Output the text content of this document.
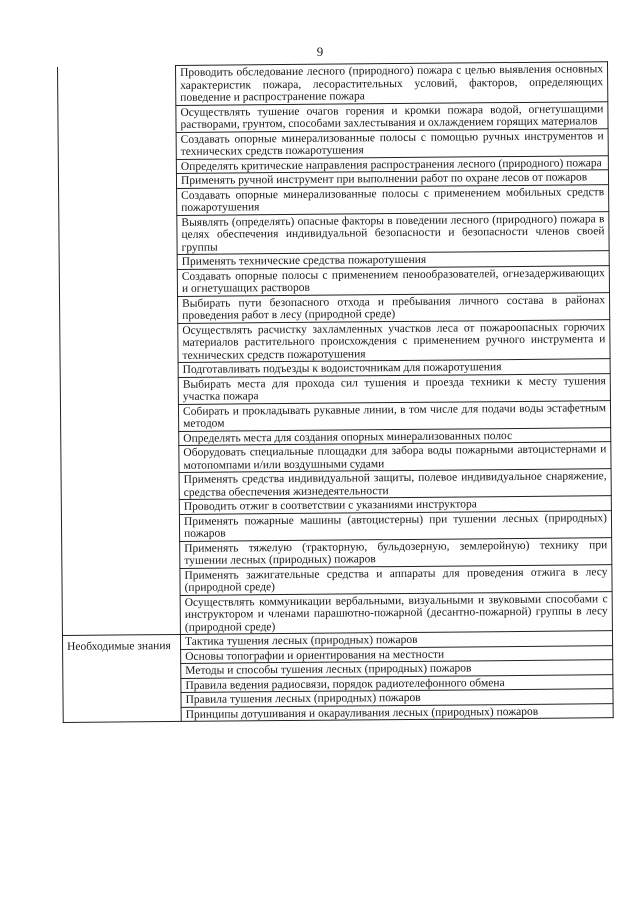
9
	Проводить обследование лесного (природного) пожара с целью выявления основных характеристик пожара, лесорастительных условий, факторов, определяющих поведение и распространение пожара
	Осуществлять тушение очагов горения и кромки пожара водой, огнетушащими растворами, грунтом, способами захлестывания и охлаждением горящих материалов
	Создавать опорные минерализованные полосы с помощью ручных инструментов и технических средств пожаротушения
	Определять критические направления распространения лесного (природного) пожара
	Применять ручной инструмент при выполнении работ по охране лесов от пожаров
	Создавать опорные минерализованные полосы с применением мобильных средств пожаротушения
	Выявлять (определять) опасные факторы в поведении лесного (природного) пожара в целях обеспечения индивидуальной безопасности и безопасности членов своей группы
	Применять технические средства пожаротушения
	Создавать опорные полосы с применением пенообразователей, огнезадерживающих и огнетушащих растворов
	Выбирать пути безопасного отхода и пребывания личного состава в районах проведения работ в лесу (природной среде)
	Осуществлять расчистку захламленных участков леса от пожароопасных горючих материалов растительного происхождения с применением ручного инструмента и технических средств пожаротушения
	Подготавливать подъезды к водоисточникам для пожаротушения
	Выбирать места для прохода сил тушения и проезда техники к месту тушения участка пожара
	Собирать и прокладывать рукавные линии, в том числе для подачи воды эстафетным методом
	Определять места для создания опорных минерализованных полос
	Оборудовать специальные площадки для забора воды пожарными автоцистернами и мотопомпами и/или воздушными судами
	Применять средства индивидуальной защиты, полевое индивидуальное снаряжение, средства обеспечения жизнедеятельности
	Проводить отжиг в соответствии с указаниями инструктора
	Применять пожарные машины (автоцистерны) при тушении лесных (природных) пожаров
	Применять тяжелую (тракторную, бульдозерную, землеройную) технику при тушении лесных (природных) пожаров
	Применять зажигательные средства и аппараты для проведения отжига в лесу (природной среде)
	Осуществлять коммуникации вербальными, визуальными и звуковыми способами с инструктором и членами парашютно-пожарной (десантно-пожарной) группы в лесу (природной среде)

Необходимые знания	Тактика тушения лесных (природных) пожаров
	Основы топографии и ориентирования на местности
	Методы и способы тушения лесных (природных) пожаров
	Правила ведения радиосвязи, порядок радиотелефонного обмена
	Правила тушения лесных (природных) пожаров
	Принципы дотушивания и окарауливания лесных (природных) пожаров
